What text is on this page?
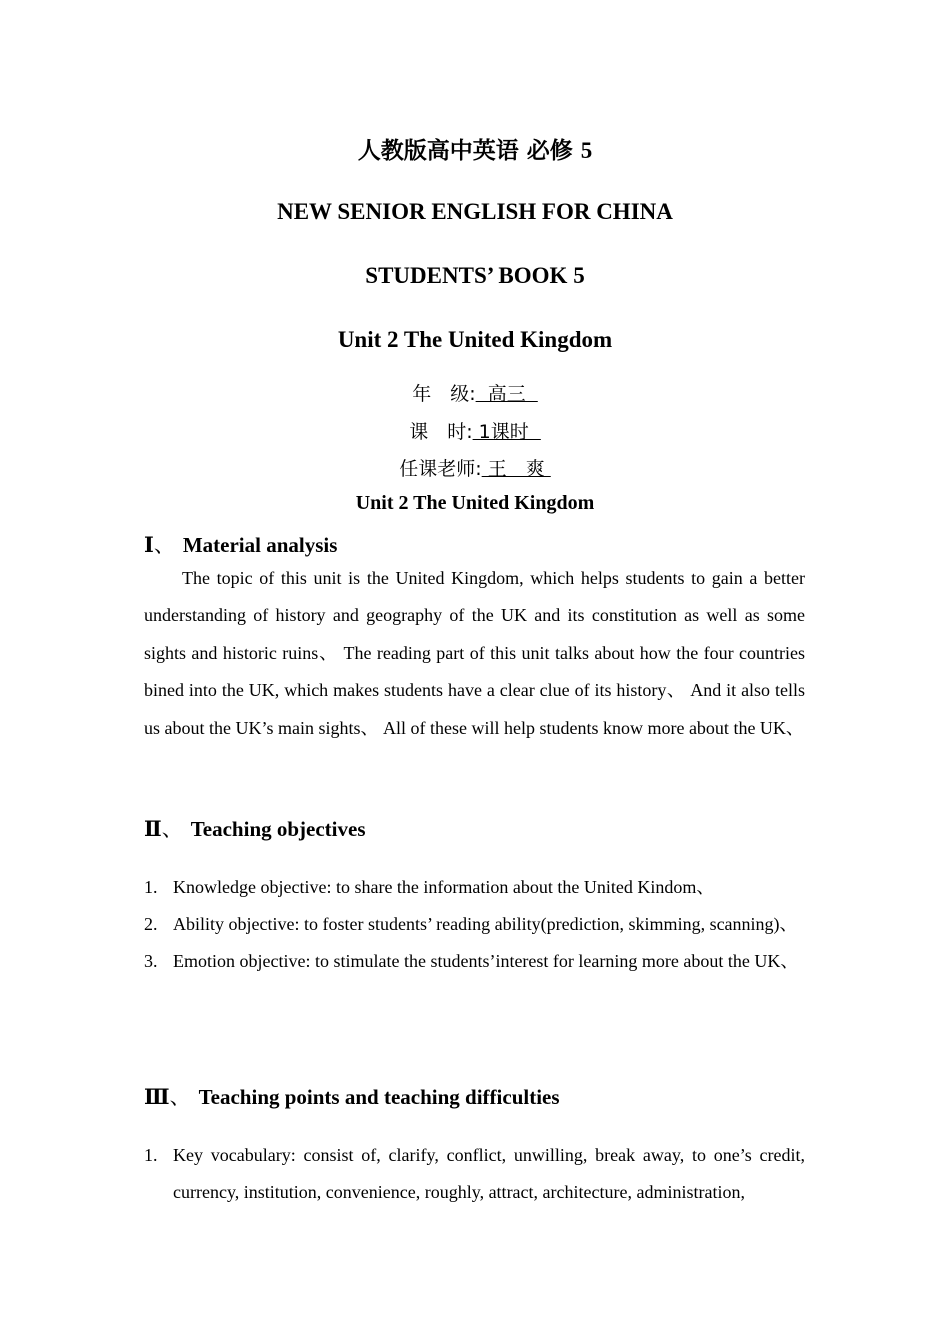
人教版高中英语 必修 5
NEW SENIOR ENGLISH FOR CHINA
STUDENTS’ BOOK 5
Unit 2 The United Kingdom
年　级:  高三
课　时: 1课时
任课老师: 王　爽
Unit 2 The United Kingdom
Ⅰ、 Material analysis
The topic of this unit is the United Kingdom, which helps students to gain a better understanding of history and geography of the UK and its constitution as well as some sights and historic ruins、 The reading part of this unit talks about how the four countries bined into the UK, which makes students have a clear clue of its history、 And it also tells us about the UK’s main sights、 All of these will help students know more about the UK、
Ⅱ、 Teaching objectives
1. Knowledge objective: to share the information about the United Kindom、
2. Ability objective: to foster students’ reading ability(prediction, skimming, scanning)、
3. Emotion objective: to stimulate the students’interest for learning more about the UK、
Ⅲ、 Teaching points and teaching difficulties
1. Key vocabulary: consist of, clarify, conflict, unwilling, break away, to one’s credit, currency, institution, convenience, roughly, attract, architecture, administration,
